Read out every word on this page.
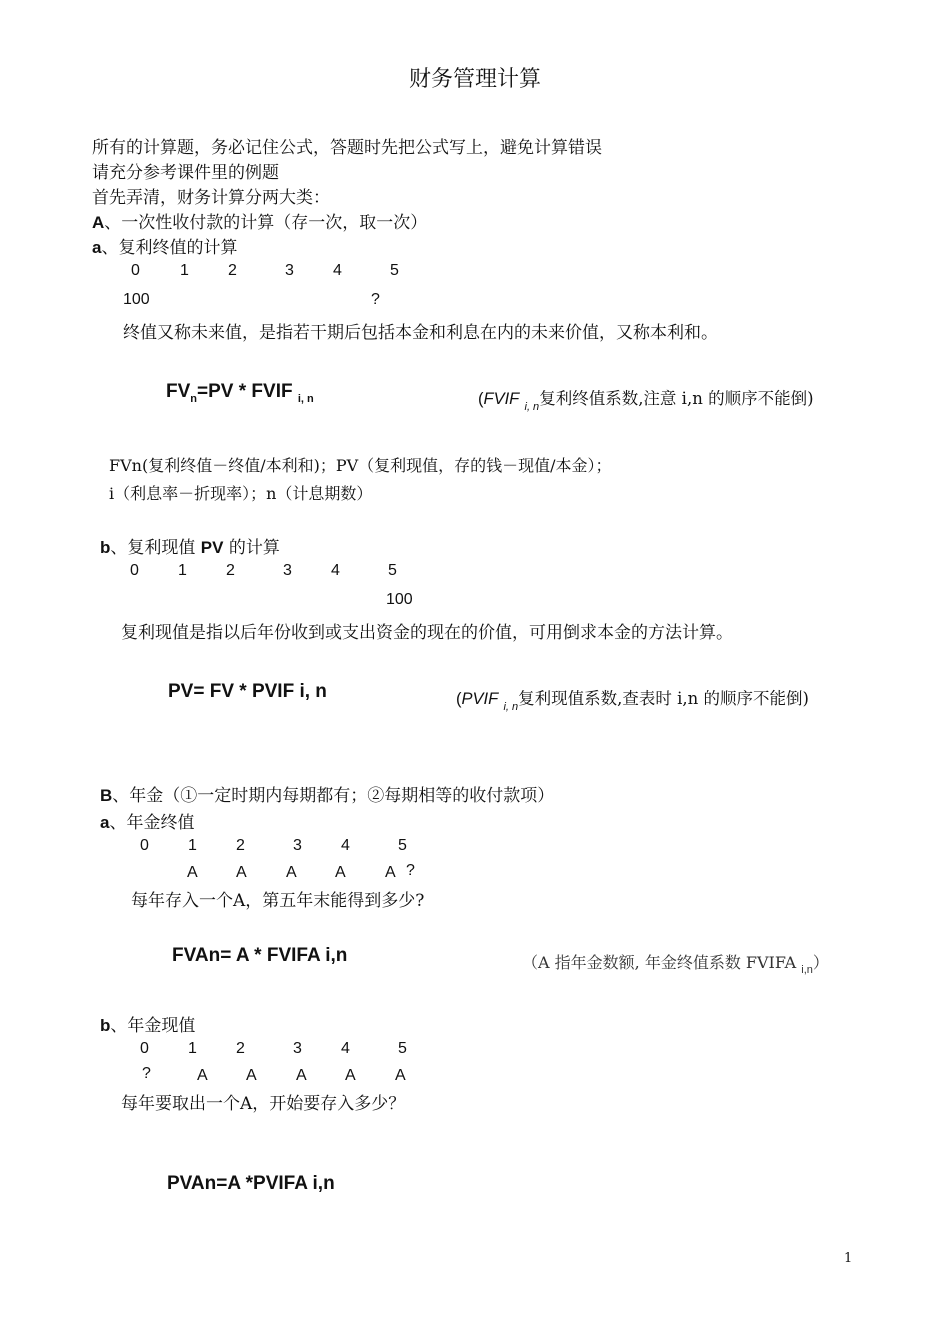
财务管理计算
所有的计算题，务必记住公式，答题时先把公式写上，避免计算错误
请充分参考课件里的例题
首先弄清，财务计算分两大类：
A、一次性收付款的计算（存一次，取一次）
a、复利终值的计算
0	1 2	3 4	5
100	?
终值又称未来值，是指若干期后包括本金和利息在内的未来价值，又称本利和。
$FV_n=PV$ * FVIF $_{i, n}$	(FVIF $_{i, n}$复利终值系数,注意 i,n 的顺序不能倒)
FVn(复利终值－终值/本利和)；PV（复利现值，存的钱－现值/本金）；
i（利息率－折现率）；n（计息期数）
b、复利现值 PV 的计算
0 1 2	3 4	5
100
复利现值是指以后年份收到或支出资金的现在的价值，可用倒求本金的方法计算。
PV= FV * PVIF i, n	(PVIF $_{i, n}$复利现值系数,查表时 i,n 的顺序不能倒)
B、年金（①一定时期内每期都有；②每期相等的收付款项）
a、年金终值
0 1 2	3 4	5
A A A A A ?
每年存入一个A，第五年末能得到多少?
FVAn= A * FVIFA i,n	（A 指年金数额, 年金终值系数 FVIFA $_{i,n}$）
b、年金现值
0 1 2	3 4	5
?	A A A A A
每年要取出一个A，开始要存入多少？
PVAn=A *PVIFA i,n
1
